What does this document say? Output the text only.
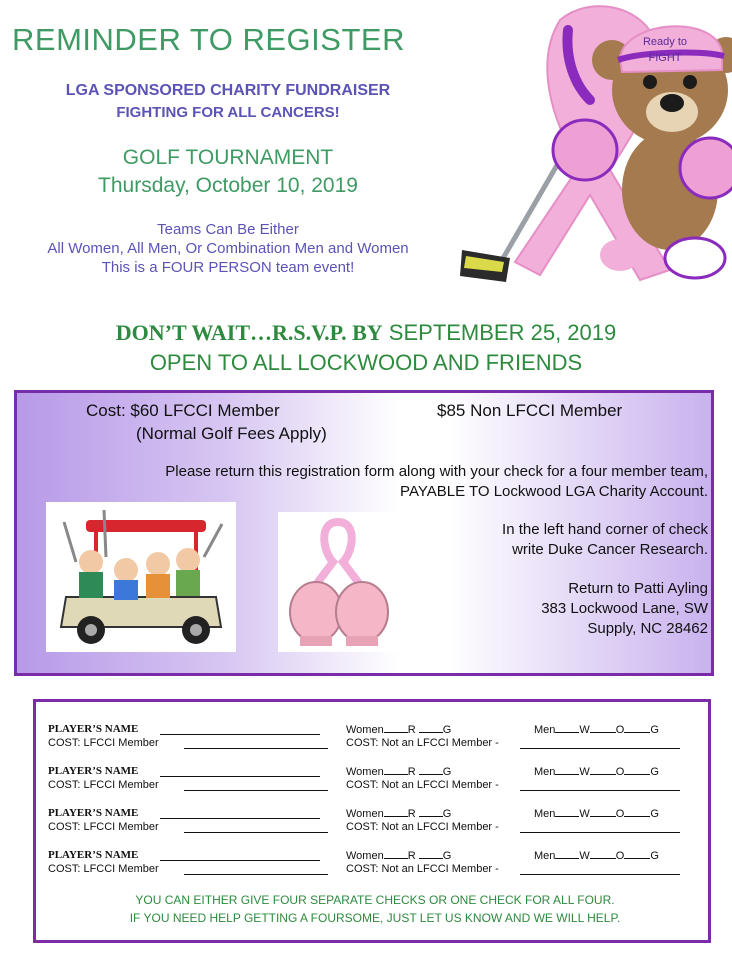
REMINDER TO REGISTER
LGA SPONSORED CHARITY FUNDRAISER
FIGHTING FOR ALL CANCERS!
GOLF TOURNAMENT
Thursday, October 10, 2019
Teams Can Be Either
All Women, All Men, Or Combination Men and Women
This is a FOUR PERSON team event!
Ready to
FIGHT
DON’T WAIT…R.S.V.P. BY SEPTEMBER 25, 2019
OPEN TO ALL LOCKWOOD AND FRIENDS
Cost: $60 LFCCI Member
(Normal Golf Fees Apply)
$85 Non LFCCI Member
Please return this registration form along with your check for a four member team,
PAYABLE TO Lockwood LGA Charity Account.
In the left hand corner of check
write Duke Cancer Research.
Return to Patti Ayling
383 Lockwood Lane, SW
Supply, NC 28462
PLAYER’S NAME
COST: LFCCI Member
Women R G
COST: Not an LFCCI Member -
Men W O G
PLAYER’S NAME
COST: LFCCI Member
Women R G
COST: Not an LFCCI Member -
Men W O G
PLAYER’S NAME
COST: LFCCI Member
Women R G
COST: Not an LFCCI Member -
Men W O G
PLAYER’S NAME
COST: LFCCI Member
Women R G
COST: Not an LFCCI Member -
Men W O G
YOU CAN EITHER GIVE FOUR SEPARATE CHECKS OR ONE CHECK FOR ALL FOUR.
IF YOU NEED HELP GETTING A FOURSOME, JUST LET US KNOW AND WE WILL HELP.
